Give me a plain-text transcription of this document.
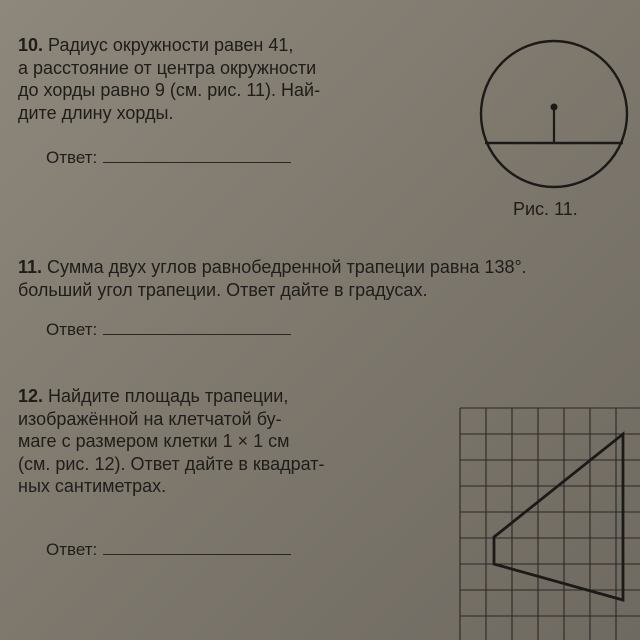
10. Радиус окружности равен 41,
а расстояние от центра окружности
до хорды равно 9 (см. рис. 11). Най-
дите длину хорды.
Ответ:
Рис. 11.
11. Сумма двух углов равнобедренной трапеции равна 138°.
больший угол трапеции. Ответ дайте в градусах.
Ответ:
12. Найдите площадь трапеции,
изображённой на клетчатой бу-
маге с размером клетки 1 × 1 см
(см. рис. 12). Ответ дайте в квадрат-
ных сантиметрах.
Ответ:
